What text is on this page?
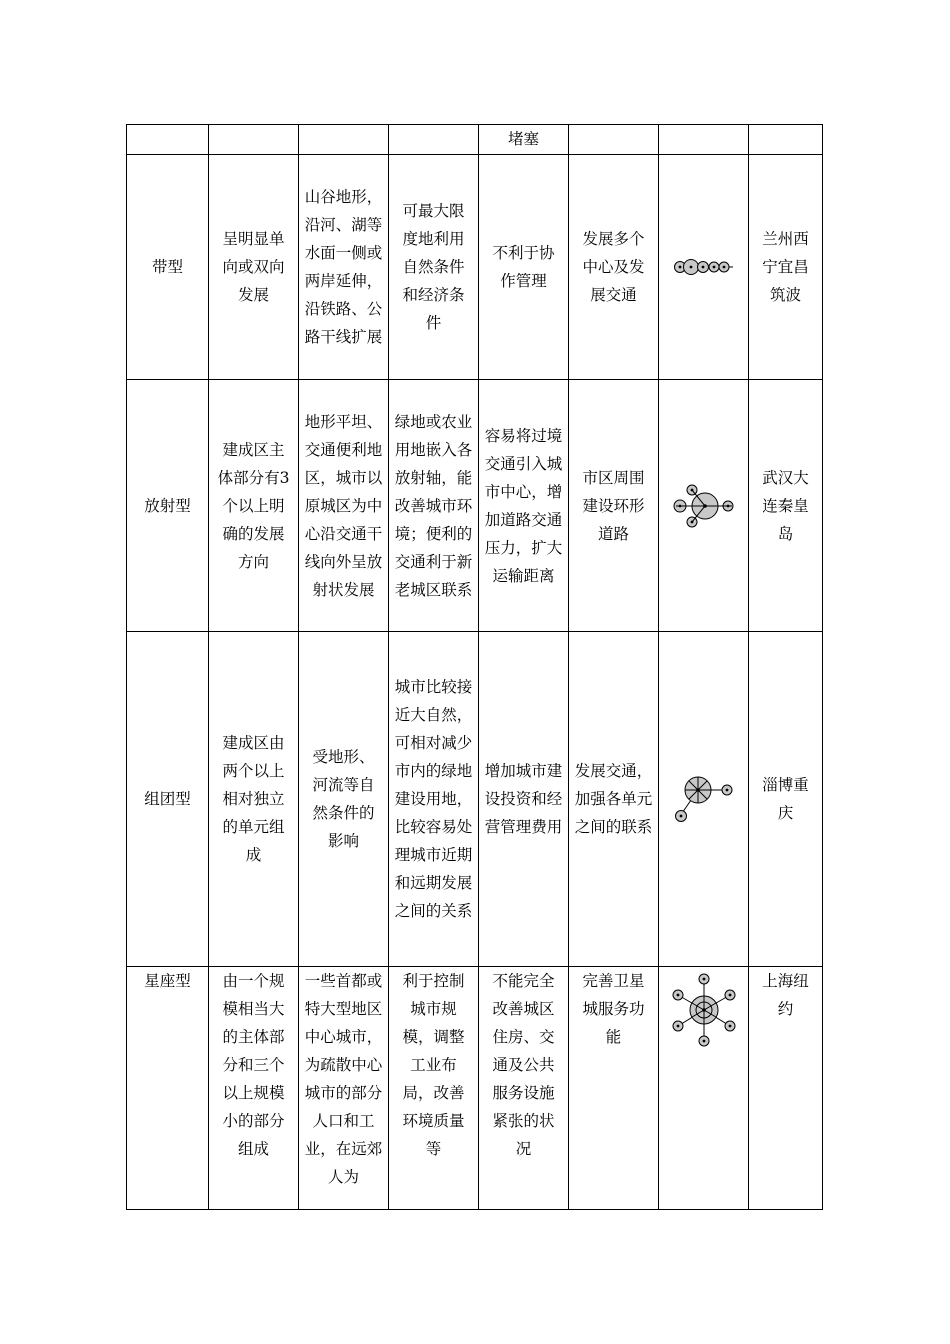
				堵塞			
带型	呈明显单向或双向发展	山谷地形，沿河、湖等水面一侧或两岸延伸，沿铁路、公路干线扩展	可最大限度地利用自然条件和经济条件	不利于协作管理	发展多个中心及发展交通		兰州西宁宜昌筑波
放射型	建成区主体部分有3个以上明确的发展方向	地形平坦、交通便利地区，城市以原城区为中心沿交通干线向外呈放射状发展	绿地或农业用地嵌入各放射轴，能改善城市环境；便利的交通利于新老城区联系	容易将过境交通引入城市中心，增加道路交通压力，扩大运输距离	市区周围建设环形道路		武汉大连秦皇岛
组团型	建成区由两个以上相对独立的单元组成	受地形、河流等自然条件的影响	城市比较接近大自然，可相对减少市内的绿地建设用地，比较容易处理城市近期和远期发展之间的关系	增加城市建设投资和经营管理费用	发展交通，加强各单元之间的联系		淄博重庆
星座型	由一个规模相当大的主体部分和三个以上规模小的部分组成	一些首都或特大型地区中心城市，为疏散中心城市的部分人口和工业，在远郊人为	利于控制城市规模，调整工业布局，改善环境质量等	不能完全改善城区住房、交通及公共服务设施紧张的状况	完善卫星城服务功能		上海纽约
